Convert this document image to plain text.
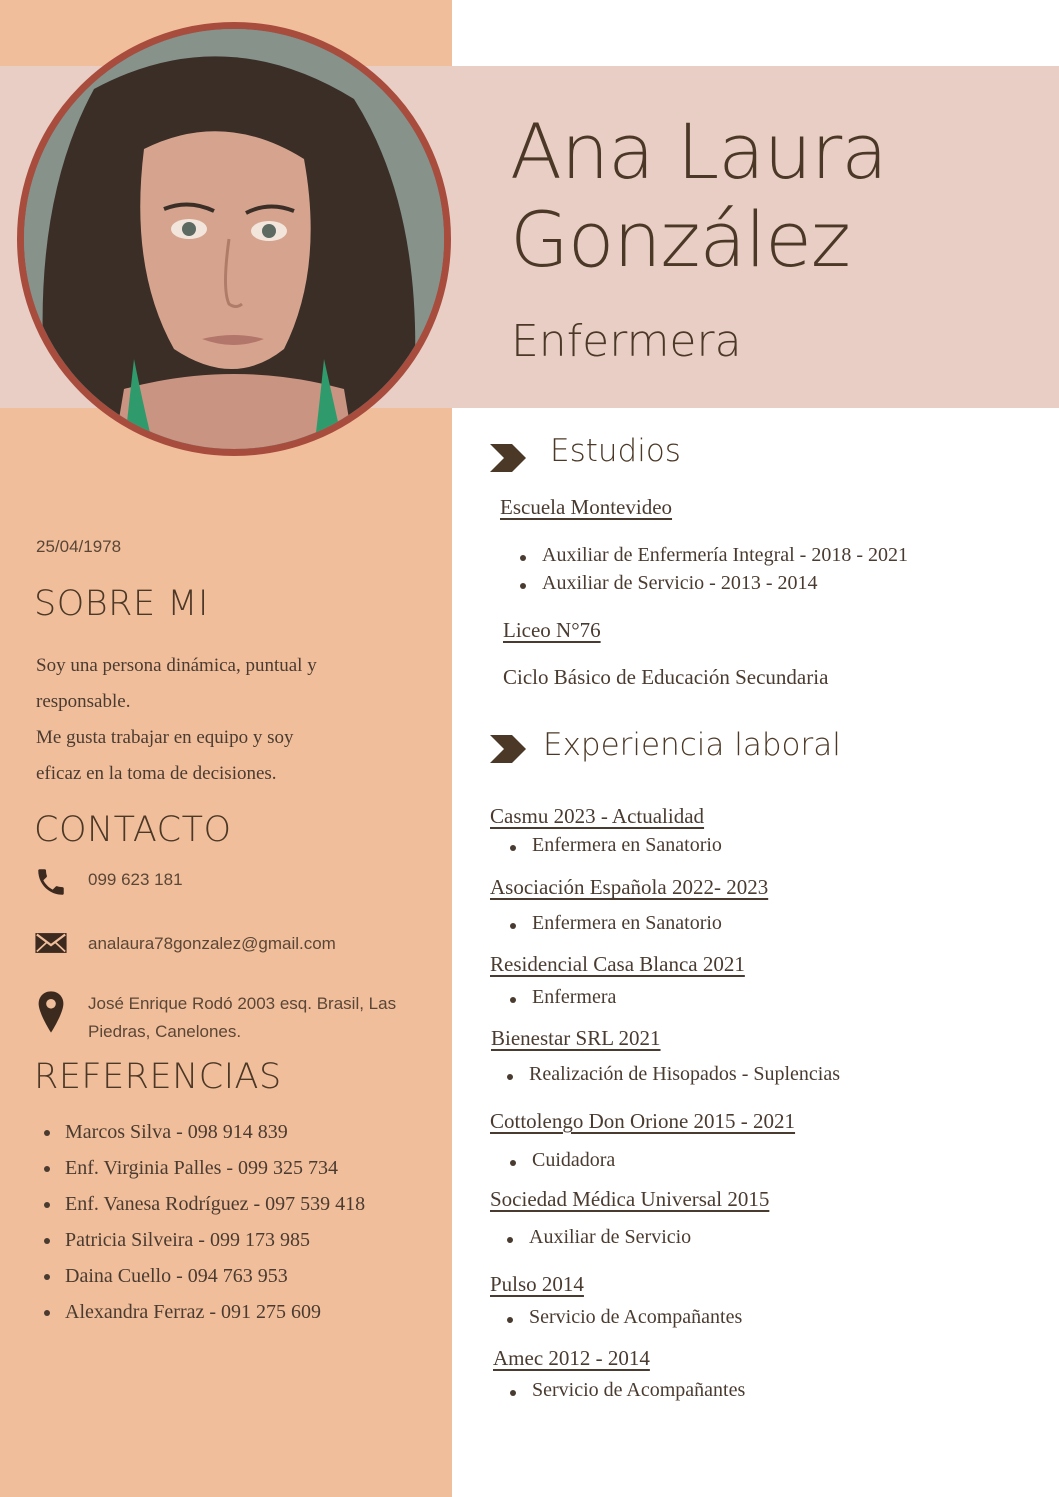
Ana Laura
González

Enfermera

25/04/1978
SOBRE MI

Soy una persona dinámica, puntual y
responsable.
Me gusta trabajar en equipo y soy
eficaz en la toma de decisiones.

CONTACTO
099 623 181
analaura78gonzalez@gmail.com
José Enrique Rodó 2003 esq. Brasil, Las
Piedras, Canelones.
REFERENCIAS
Marcos Silva - 098 914 839
Enf. Virginia Palles - 099 325 734
Enf. Vanesa Rodríguez - 097 539 418
Patricia Silveira - 099 173 985
Daina Cuello - 094 763 953
Alexandra Ferraz - 091 275 609
Estudios

Escuela Montevideo

Auxiliar de Enfermería Integral - 2018 - 2021

Auxiliar de Servicio - 2013 - 2014

Liceo N°76

Ciclo Básico de Educación Secundaria

Experiencia laboral

Casmu 2023 - Actualidad

Enfermera en Sanatorio

Asociación Española 2022- 2023

Enfermera en Sanatorio

Residencial Casa Blanca 2021

Enfermera

Bienestar SRL 2021

Realización de Hisopados - Suplencias

Cottolengo Don Orione 2015 - 2021

Cuidadora

Sociedad Médica Universal 2015

Auxiliar de Servicio

Pulso 2014

Servicio de Acompañantes

Amec 2012 - 2014

Servicio de Acompañantes
